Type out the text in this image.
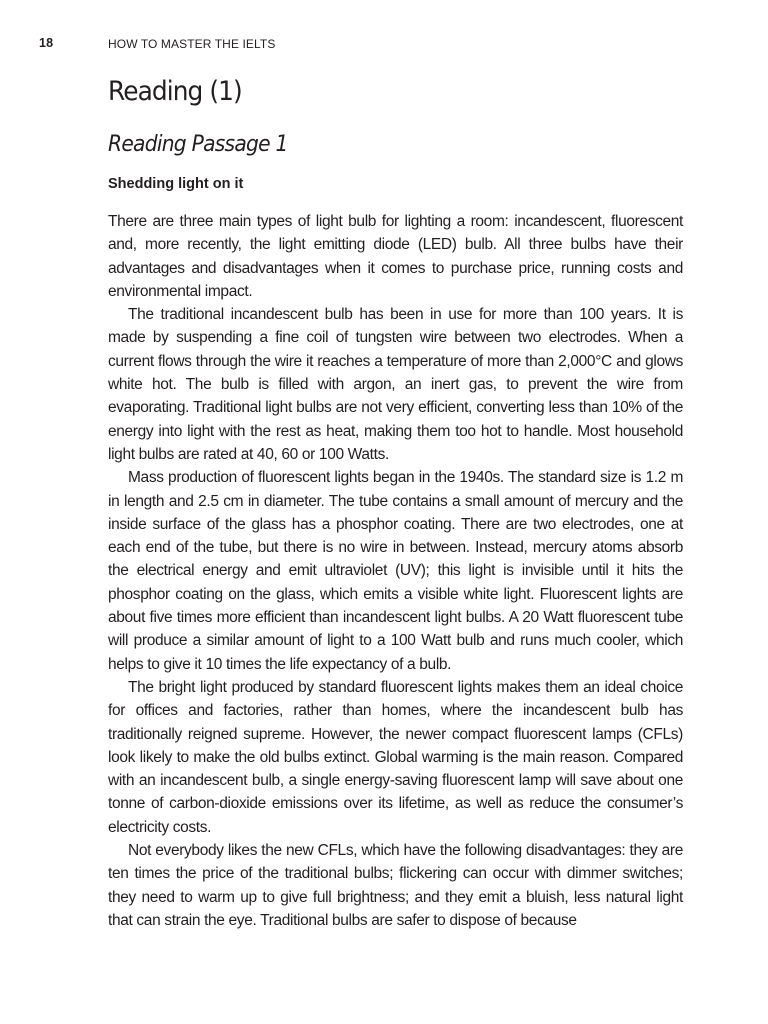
18	HOW TO MASTER THE IELTS
Reading (1)
Reading Passage 1
Shedding light on it

There are three main types of light bulb for lighting a room: incandescent, fluorescent and, more recently, the light emitting diode (LED) bulb. All three bulbs have their advantages and disadvantages when it comes to purchase price, running costs and environmental impact.

The traditional incandescent bulb has been in use for more than 100 years. It is made by suspending a fine coil of tungsten wire between two electrodes. When a current flows through the wire it reaches a temperature of more than 2,000°C and glows white hot. The bulb is filled with argon, an inert gas, to prevent the wire from evaporating. Traditional light bulbs are not very efficient, converting less than 10% of the energy into light with the rest as heat, making them too hot to handle. Most household light bulbs are rated at 40, 60 or 100 Watts.

Mass production of fluorescent lights began in the 1940s. The standard size is 1.2 m in length and 2.5 cm in diameter. The tube contains a small amount of mercury and the inside surface of the glass has a phosphor coating. There are two electrodes, one at each end of the tube, but there is no wire in between. Instead, mercury atoms absorb the electrical energy and emit ultraviolet (UV); this light is invisible until it hits the phosphor coating on the glass, which emits a visible white light. Fluorescent lights are about five times more efficient than incandescent light bulbs. A 20 Watt fluorescent tube will produce a similar amount of light to a 100 Watt bulb and runs much cooler, which helps to give it 10 times the life expectancy of a bulb.

The bright light produced by standard fluorescent lights makes them an ideal choice for offices and factories, rather than homes, where the incandescent bulb has traditionally reigned supreme. However, the newer compact fluorescent lamps (CFLs) look likely to make the old bulbs extinct. Global warming is the main reason. Compared with an incandescent bulb, a single energy-saving fluorescent lamp will save about one tonne of carbon-dioxide emissions over its lifetime, as well as reduce the consumer’s electricity costs.

Not everybody likes the new CFLs, which have the following disadvantages: they are ten times the price of the traditional bulbs; flickering can occur with dimmer switches; they need to warm up to give full brightness; and they emit a bluish, less natural light that can strain the eye. Traditional bulbs are safer to dispose of because
